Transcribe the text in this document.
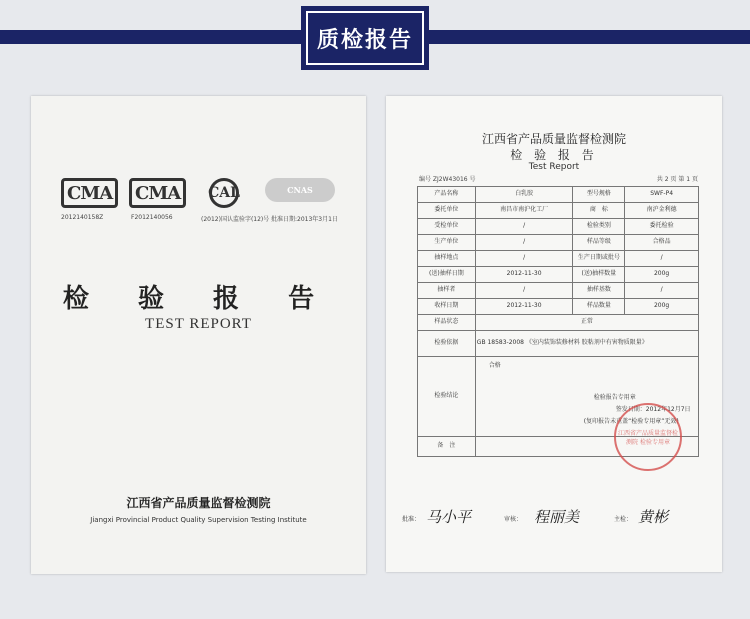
质检报告
CMA
2012140158Z
CMA
F2012140056
CAL
(2012)国认监验字(12)号
CNAS
批准日期:2013年3月1日
检 验 报 告
TEST REPORT
江西省产品质量监督检测院
Jiangxi Provincial Product Quality Supervision Testing Institute
江西省产品质量监督检测院
检 验 报 告
Test Report
编号 ZJ2W43016 号	共 2 页 第 1 页
产品名称	白乳胶	型号规格	SWF-P4
委托单位	南昌市南沪化工厂	商　标	南沪金利德
受检单位	/	检验类别	委托检验
生产单位	/	样品等级	合格品
抽样地点	/	生产日期或批号	/
(送)抽样日期	2012-11-30	(送)抽样数量	200g
抽样者	/	抽样基数	/
收样日期	2012-11-30	样品数量	200g
样品状态	正常		
检验依据	GB 18583-2008 《室内装饰装修材料 胶粘剂中有害物质限量》		
检验结论	合格
检验报告专用章
签发日期：2012年12月7日
(复印报告未重盖“检验专用章”无效)		

备　注			
江西省产品质量监督检测院 检验专用章
批准： 马小平	审核： 程丽美	主检： 黄彬
